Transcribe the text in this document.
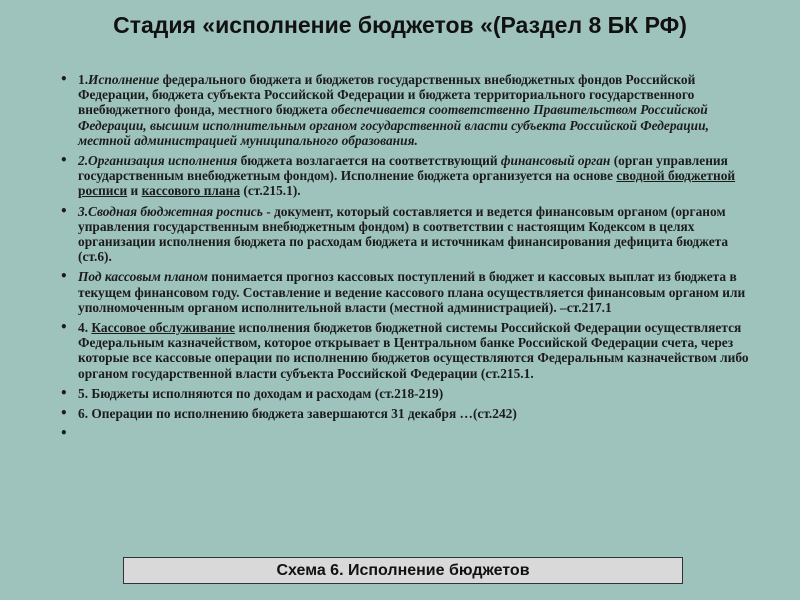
Стадия «исполнение бюджетов «(Раздел 8 БК РФ)
• 1.Исполнение федерального бюджета и бюджетов государственных внебюджетных фондов Российской Федерации, бюджета субъекта Российской Федерации и бюджета территориального государственного внебюджетного фонда, местного бюджета обеспечивается соответственно Правительством Российской Федерации, высшим исполнительным органом государственной власти субъекта Российской Федерации, местной администрацией муниципального образования.
• 2.Организация исполнения бюджета возлагается на соответствующий финансовый орган (орган управления государственным внебюджетным фондом). Исполнение бюджета организуется на основе сводной бюджетной росписи и кассового плана (ст.215.1).
• 3.Сводная бюджетная роспись - документ, который составляется и ведется финансовым органом (органом управления государственным внебюджетным фондом) в соответствии с настоящим Кодексом в целях организации исполнения бюджета по расходам бюджета и источникам финансирования дефицита бюджета (ст.6).
• Под кассовым планом понимается прогноз кассовых поступлений в бюджет и кассовых выплат из бюджета в текущем финансовом году. Составление и ведение кассового плана осуществляется финансовым органом или уполномоченным органом исполнительной власти (местной администрацией). –ст.217.1
• 4. Кассовое обслуживание исполнения бюджетов бюджетной системы Российской Федерации осуществляется Федеральным казначейством, которое открывает в Центральном банке Российской Федерации счета, через которые все кассовые операции по исполнению бюджетов осуществляются Федеральным казначейством либо органом государственной власти субъекта Российской Федерации (ст.215.1.
• 5. Бюджеты исполняются по доходам и расходам (ст.218-219)
• 6. Операции по исполнению бюджета завершаются 31 декабря …(ст.242)
•

Схема 6. Исполнение бюджетов
